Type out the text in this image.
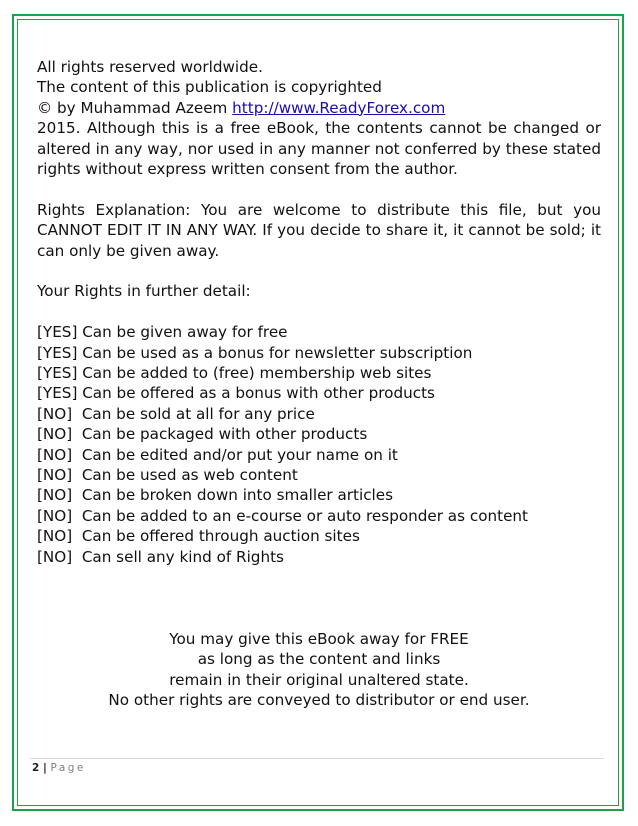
All rights reserved worldwide.
The content of this publication is copyrighted
© by Muhammad Azeem http://www.ReadyForex.com
2015. Although this is a free eBook, the contents cannot be changed or altered in any way, nor used in any manner not conferred by these stated rights without express written consent from the author.
Rights Explanation: You are welcome to distribute this file, but you CANNOT EDIT IT IN ANY WAY. If you decide to share it, it cannot be sold; it can only be given away.
Your Rights in further detail:
[YES] Can be given away for free
[YES] Can be used as a bonus for newsletter subscription
[YES] Can be added to (free) membership web sites
[YES] Can be offered as a bonus with other products
[NO]  Can be sold at all for any price
[NO]  Can be packaged with other products
[NO]  Can be edited and/or put your name on it
[NO]  Can be used as web content
[NO]  Can be broken down into smaller articles
[NO]  Can be added to an e-course or auto responder as content
[NO]  Can be offered through auction sites
[NO]  Can sell any kind of Rights
You may give this eBook away for FREE
as long as the content and links
remain in their original unaltered state.
No other rights are conveyed to distributor or end user.
2 | Page
